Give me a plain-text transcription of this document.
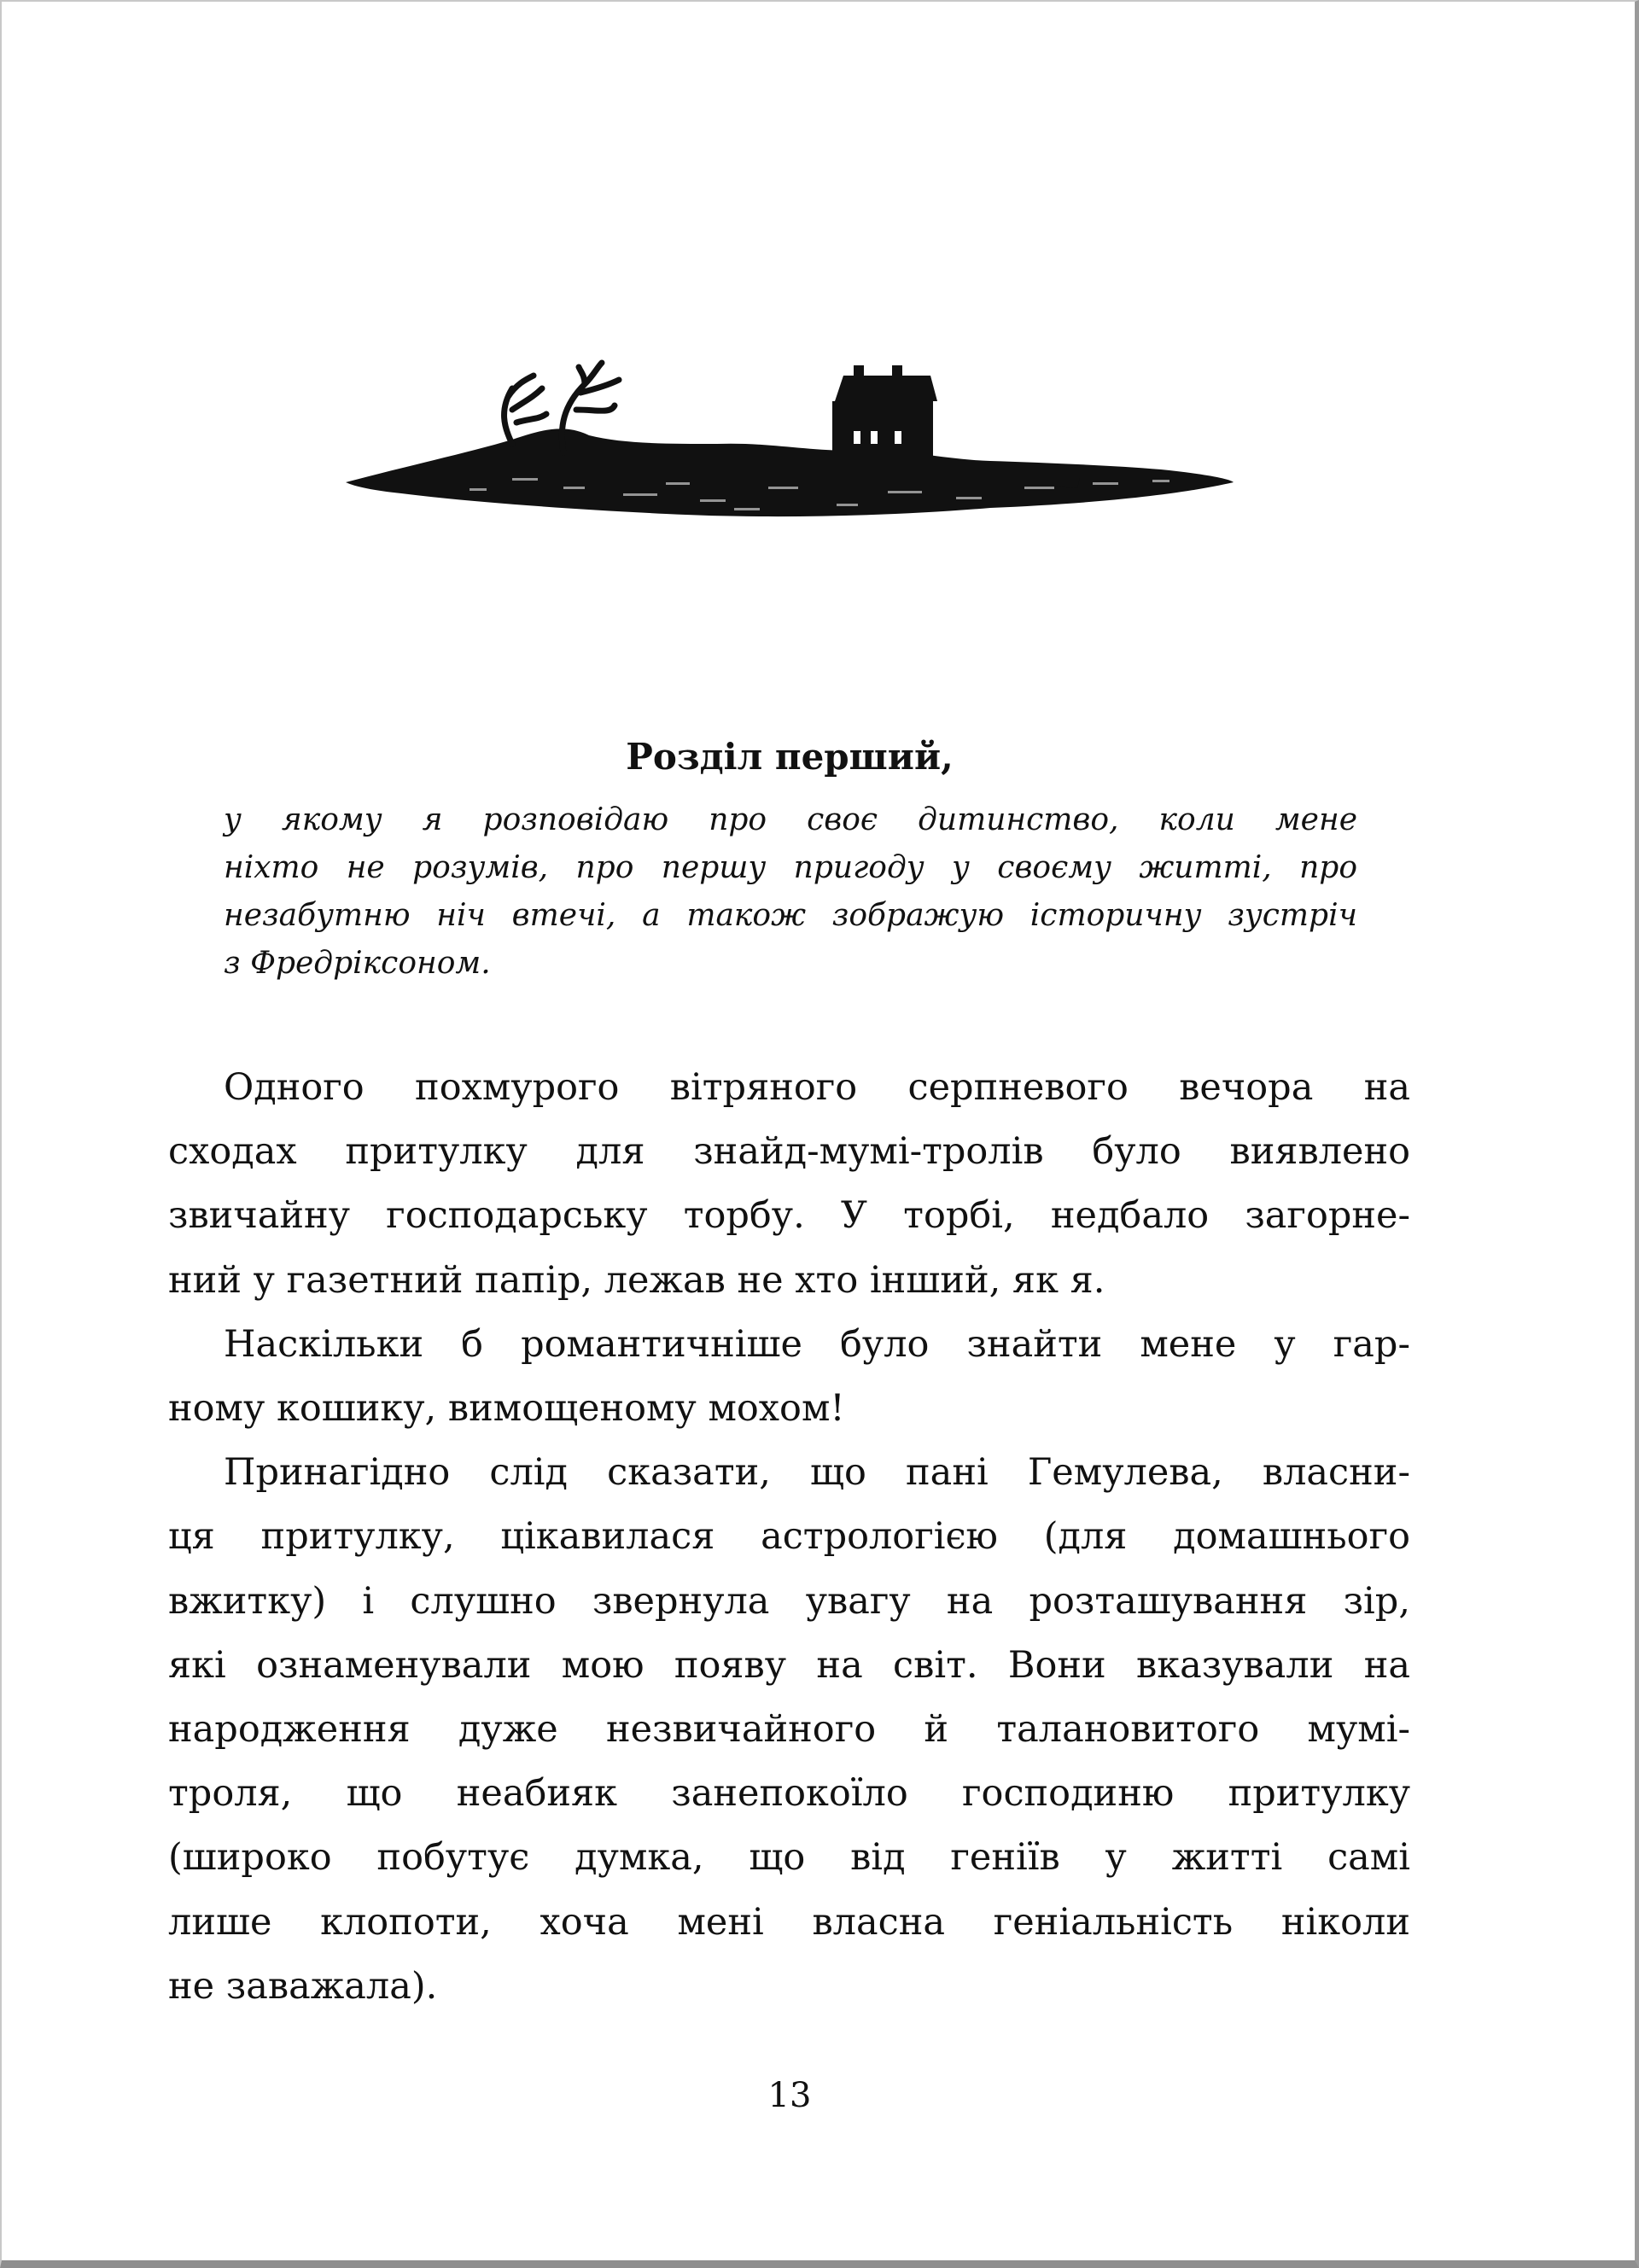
Розділ перший,
у якому я розповідаю про своє дитинство, коли мене
ніхто не розумів, про першу пригоду у своєму житті, про
незабутню ніч втечі, а також зображую історичну зустріч
з Фредріксоном.
Одного похмурого вітряного серпневого вечора на
сходах притулку для знайд-мумі-тролів було виявлено
звичайну господарську торбу. У торбі, недбало загорне-
ний у газетний папір, лежав не хто інший, як я.
Наскільки б романтичніше було знайти мене у гар-
ному кошику, вимощеному мохом!
Принагідно слід сказати, що пані Гемулева, власни-
ця притулку, цікавилася астрологією (для домашнього
вжитку) і слушно звернула увагу на розташування зір,
які ознаменували мою появу на світ. Вони вказували на
народження дуже незвичайного й талановитого мумі-
троля, що неабияк занепокоїло господиню притулку
(широко побутує думка, що від геніїв у житті самі
лише клопоти, хоча мені власна геніальність ніколи
не заважала).
13
